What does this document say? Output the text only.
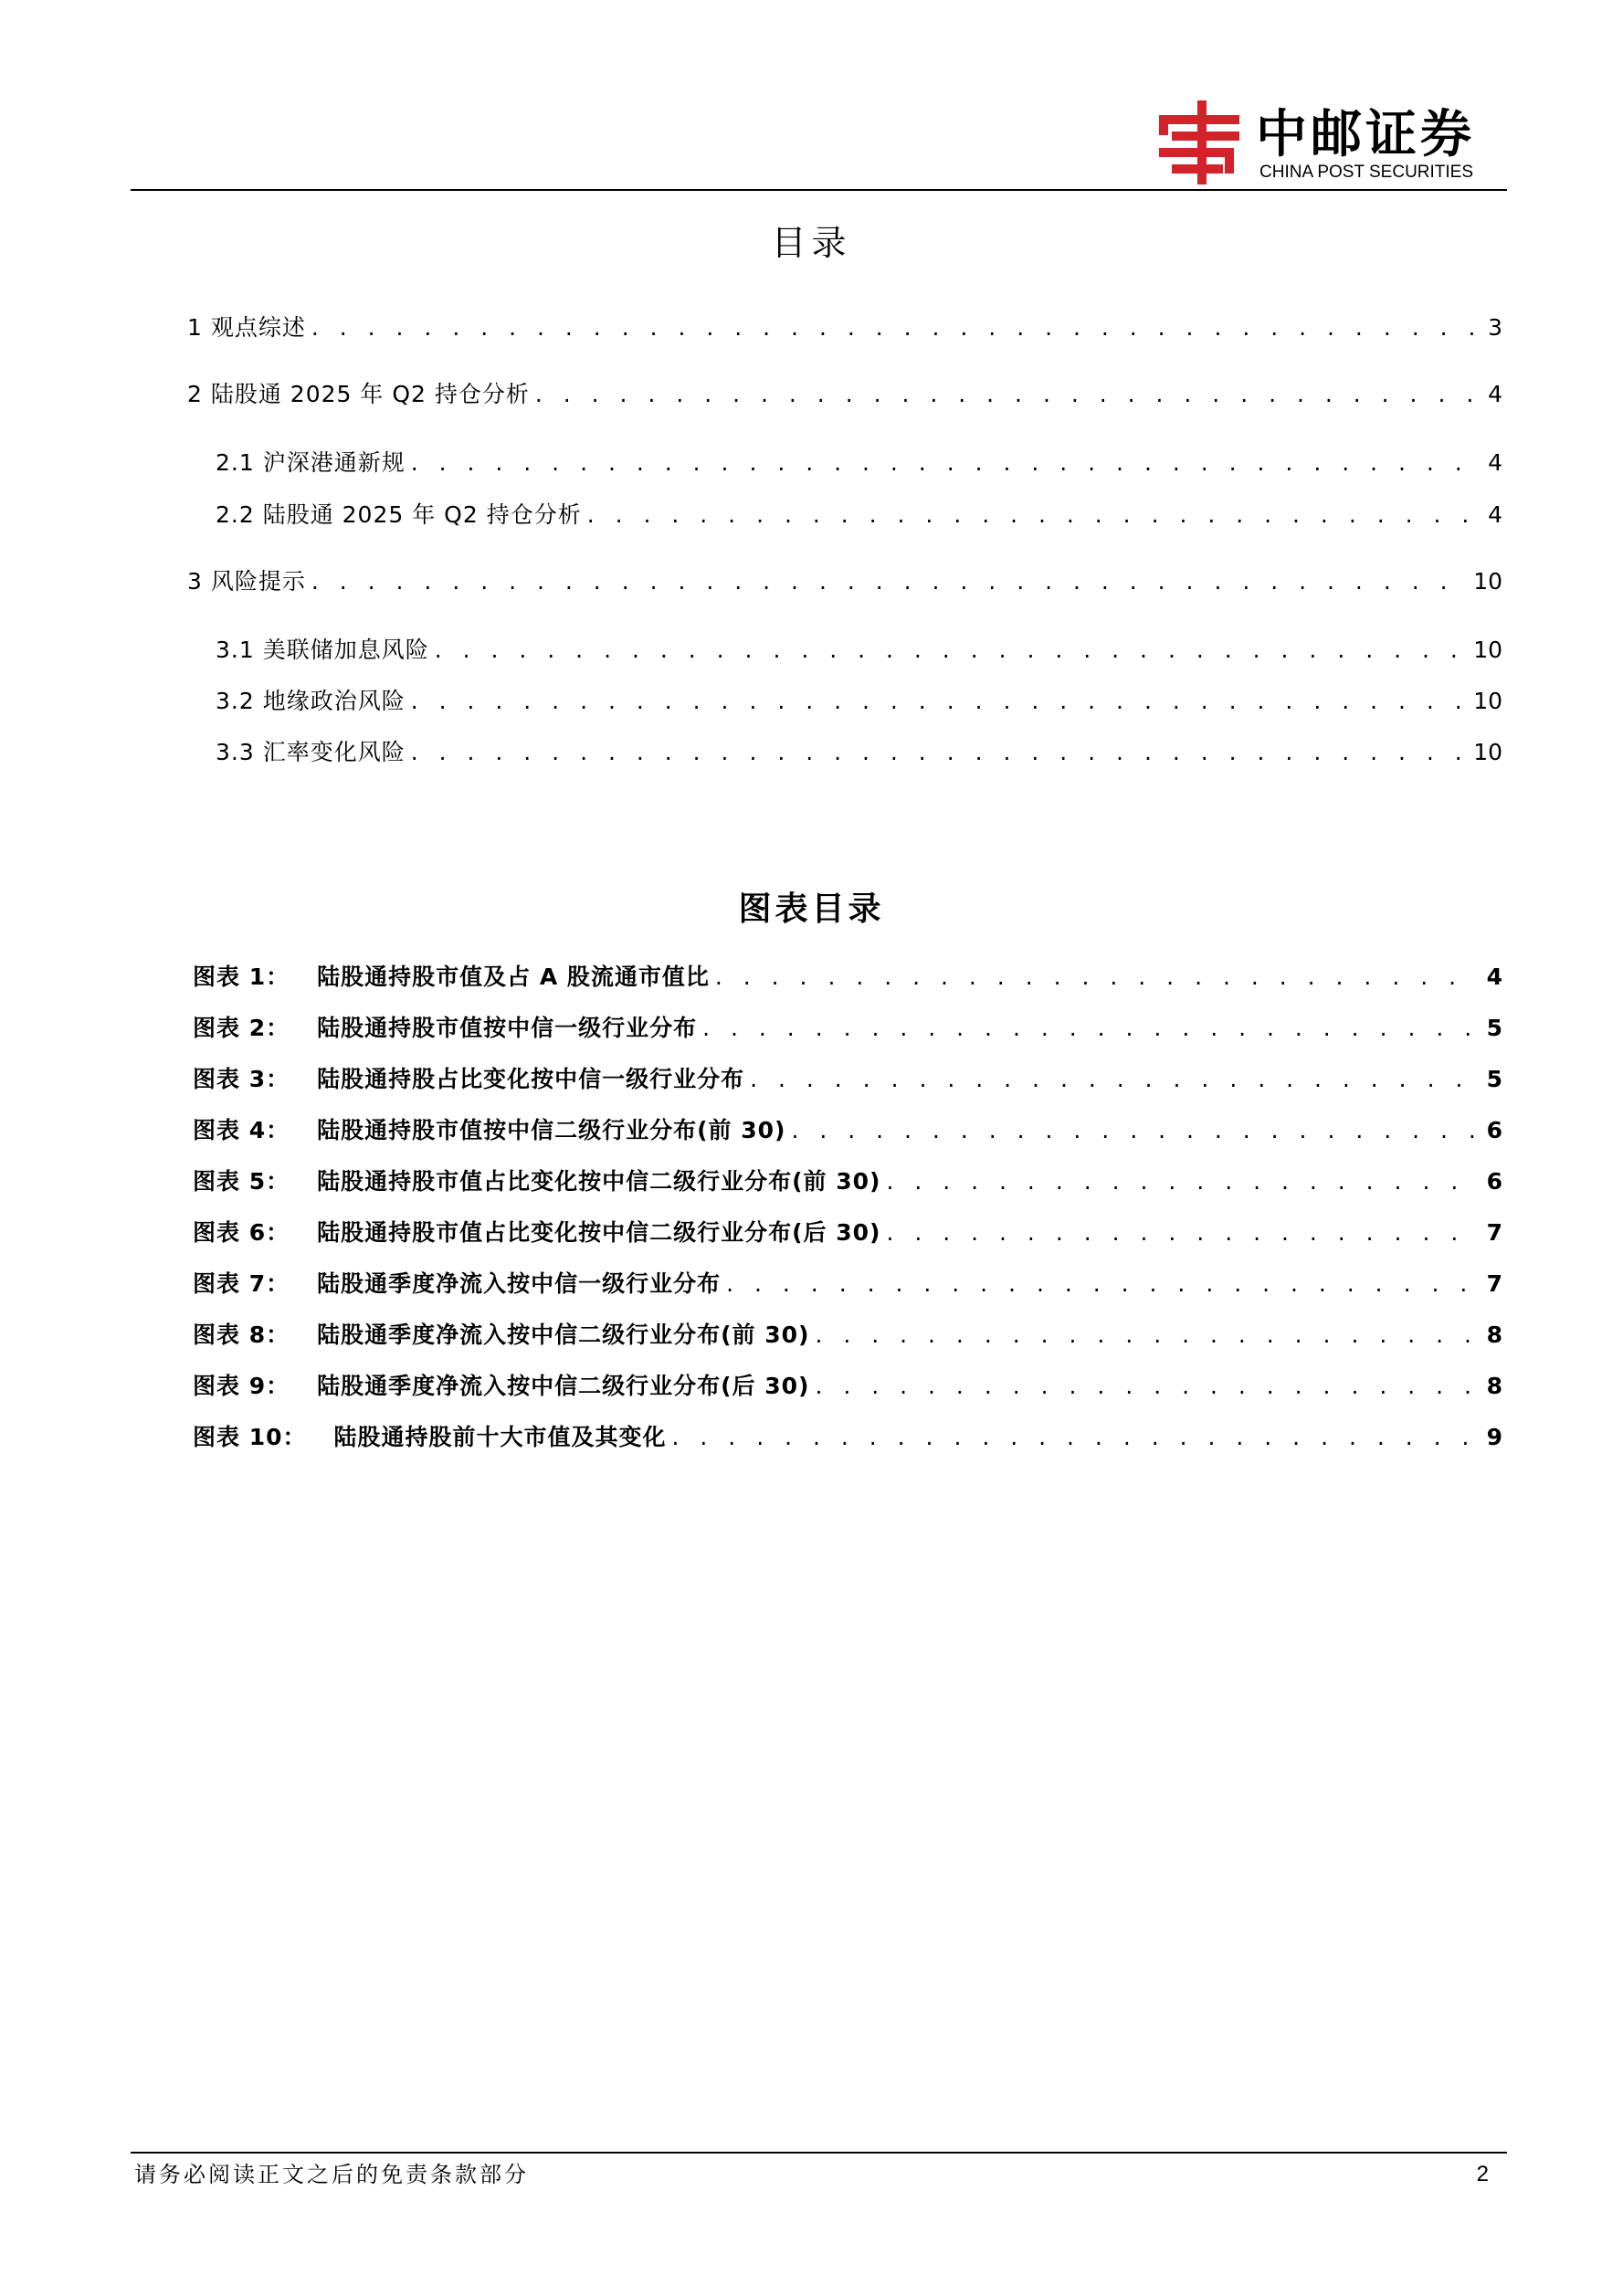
中邮证券
CHINA POST SECURITIES
目录
1 观点综述 . . .	3
2 陆股通 2025 年 Q2 持仓分析 . . .	4
2.1 沪深港通新规 . . .	4
2.2 陆股通 2025 年 Q2 持仓分析 . . .	4
3 风险提示 . . .	10
3.1 美联储加息风险 . . .	10
3.2 地缘政治风险 . . .	10
3.3 汇率变化风险 . . .	10
图表目录
图表 1： 陆股通持股市值及占 A 股流通市值比 . . .	4
图表 2： 陆股通持股市值按中信一级行业分布 . . .	5
图表 3： 陆股通持股占比变化按中信一级行业分布 . . .	5
图表 4： 陆股通持股市值按中信二级行业分布(前 30) . . .	6
图表 5： 陆股通持股市值占比变化按中信二级行业分布(前 30) . . .	6
图表 6： 陆股通持股市值占比变化按中信二级行业分布(后 30) . . .	7
图表 7： 陆股通季度净流入按中信一级行业分布 . . .	7
图表 8： 陆股通季度净流入按中信二级行业分布(前 30) . . .	8
图表 9： 陆股通季度净流入按中信二级行业分布(后 30) . . .	8
图表 10： 陆股通持股前十大市值及其变化 . . .	9
请务必阅读正文之后的免责条款部分	2
